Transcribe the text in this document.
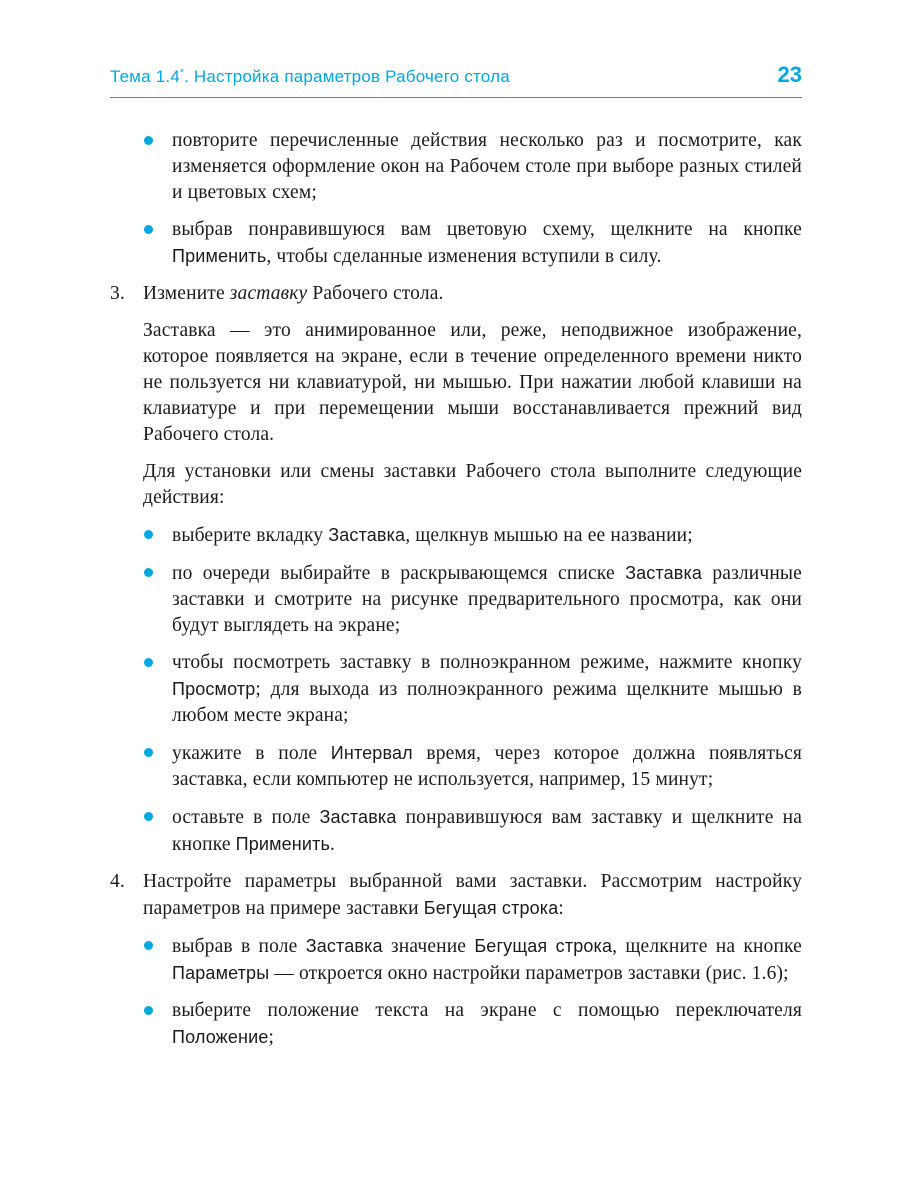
Тема 1.4*. Настройка параметров Рабочего стола	23
повторите перечисленные действия несколько раз и посмотрите, как изменяется оформление окон на Рабочем столе при выборе разных стилей и цветовых схем;
выбрав понравившуюся вам цветовую схему, щелкните на кнопке Применить, чтобы сделанные изменения вступили в силу.
3. Измените заставку Рабочего стола.
Заставка — это анимированное или, реже, неподвижное изображение, которое появляется на экране, если в течение определенного времени никто не пользуется ни клавиатурой, ни мышью. При нажатии любой клавиши на клавиатуре и при перемещении мыши восстанавливается прежний вид Рабочего стола.
Для установки или смены заставки Рабочего стола выполните следующие действия:
выберите вкладку Заставка, щелкнув мышью на ее названии;
по очереди выбирайте в раскрывающемся списке Заставка различные заставки и смотрите на рисунке предварительного просмотра, как они будут выглядеть на экране;
чтобы посмотреть заставку в полноэкранном режиме, нажмите кнопку Просмотр; для выхода из полноэкранного режима щелкните мышью в любом месте экрана;
укажите в поле Интервал время, через которое должна появляться заставка, если компьютер не используется, например, 15 минут;
оставьте в поле Заставка понравившуюся вам заставку и щелкните на кнопке Применить.
4. Настройте параметры выбранной вами заставки. Рассмотрим настройку параметров на примере заставки Бегущая строка:
выбрав в поле Заставка значение Бегущая строка, щелкните на кнопке Параметры — откроется окно настройки параметров заставки (рис. 1.6);
выберите положение текста на экране с помощью переключателя Положение;
